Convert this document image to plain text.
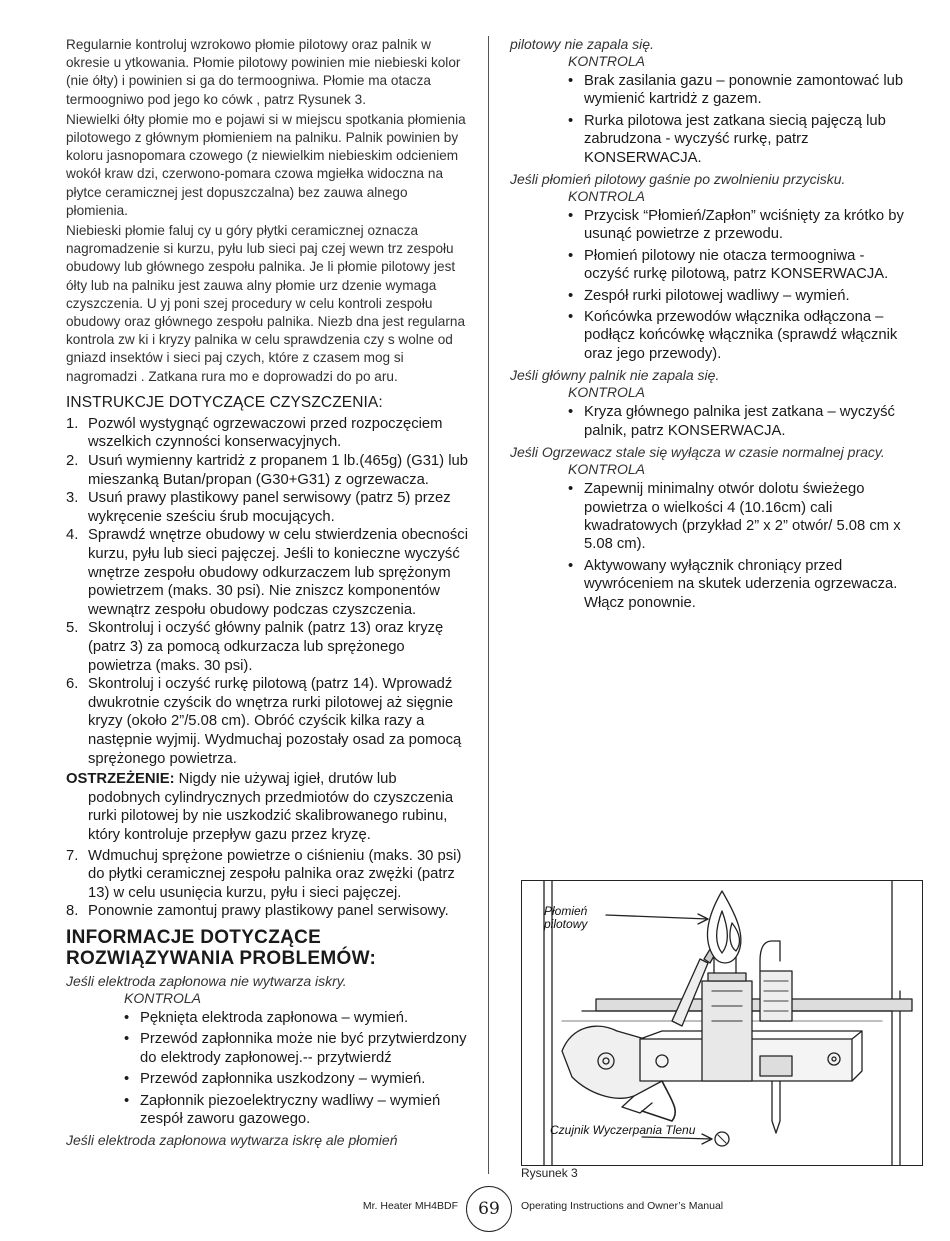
Regularnie kontroluj wzrokowo płomie pilotowy oraz palnik w okresie u ytkowania. Płomie pilotowy powinien mie niebieski kolor (nie ółty) i powinien si ga do termoogniwa. Płomie ma otacza termoogniwo pod jego ko cówk , patrz Rysunek 3.

Niewielki ółty płomie mo e pojawi si w miejscu spotkania płomienia pilotowego z głównym płomieniem na palniku. Palnik powinien by koloru jasnopomara czowego (z niewielkim niebieskim odcieniem wokół kraw dzi, czerwono-pomara czowa mgiełka widoczna na płytce ceramicznej jest dopuszczalna) bez zauwa alnego płomienia.

Niebieski płomie faluj cy u góry płytki ceramicznej oznacza nagromadzenie si kurzu, pyłu lub sieci paj czej wewn trz zespołu obudowy lub głównego zespołu palnika. Je li płomie pilotowy jest ółty lub na palniku jest zauwa alny płomie urz dzenie wymaga czyszczenia. U yj poni szej procedury w celu kontroli zespołu obudowy oraz głównego zespołu palnika. Niezb dna jest regularna kontrola zw ki i kryzy palnika w celu sprawdzenia czy s wolne od gniazd insektów i sieci paj czych, które z czasem mog si nagromadzi . Zatkana rura mo e doprowadzi do po aru.

INSTRUKCJE DOTYCZĄCE CZYSZCZENIA:
1. Pozwól wystygnąć ogrzewaczowi przed rozpoczęciem wszelkich czynności konserwacyjnych.
2. Usuń wymienny kartridż z propanem 1 lb.(465g) (G31) lub mieszanką Butan/propan (G30+G31) z ogrzewacza.
3. Usuń prawy plastikowy panel serwisowy (patrz 5) przez wykręcenie sześciu śrub mocujących.
4. Sprawdź wnętrze obudowy w celu stwierdzenia obecności kurzu, pyłu lub sieci pajęczej. Jeśli to konieczne wyczyść wnętrze zespołu obudowy odkurzaczem lub sprężonym powietrzem (maks. 30 psi). Nie zniszcz komponentów wewnątrz zespołu obudowy podczas czyszczenia.
5. Skontroluj i oczyść główny palnik (patrz 13) oraz kryzę (patrz 3) za pomocą odkurzacza lub sprężonego powietrza (maks. 30 psi).
6. Skontroluj i oczyść rurkę pilotową (patrz 14). Wprowadź dwukrotnie czyścik do wnętrza rurki pilotowej aż sięgnie kryzy (około 2”/5.08 cm). Obróć czyścik kilka razy a następnie wyjmij. Wydmuchaj pozostały osad za pomocą sprężonego powietrza.
OSTRZEŻENIE: Nigdy nie używaj igieł, drutów lub podobnych cylindrycznych przedmiotów do czyszczenia rurki pilotowej by nie uszkodzić skalibrowanego rubinu, który kontroluje przepływ gazu przez kryzę.
7. Wdmuchuj sprężone powietrze o ciśnieniu (maks. 30 psi) do płytki ceramicznej zespołu palnika oraz zwężki (patrz 13) w celu usunięcia kurzu, pyłu i sieci pajęczej.
8. Ponownie zamontuj prawy plastikowy panel serwisowy.
INFORMACJE DOTYCZĄCE
ROZWIĄZYWANIA PROBLEMÓW:
Jeśli elektroda zapłonowa nie wytwarza iskry.
KONTROLA
• Pęknięta elektroda zapłonowa – wymień.
• Przewód zapłonnika może nie być przytwierdzony do elektrody zapłonowej.-- przytwierdź
• Przewód zapłonnika uszkodzony – wymień.
• Zapłonnik piezoelektryczny wadliwy – wymień zespół zaworu gazowego.
Jeśli elektroda zapłonowa wytwarza iskrę ale płomień
pilotowy nie zapala się.
KONTROLA
• Brak zasilania gazu – ponownie zamontować lub wymienić kartridż z gazem.
• Rurka pilotowa jest zatkana siecią pajęczą lub zabrudzona - wyczyść rurkę, patrz KONSERWACJA.
Jeśli płomień pilotowy gaśnie po zwolnieniu przycisku.
KONTROLA
• Przycisk “Płomień/Zapłon” wciśnięty za krótko by usunąć powietrze z przewodu.
• Płomień pilotowy nie otacza termoogniwa - oczyść rurkę pilotową, patrz KONSERWACJA.
• Zespół rurki pilotowej wadliwy – wymień.
• Końcówka przewodów włącznika odłączona – podłącz końcówkę włącznika (sprawdź włącznik oraz jego przewody).
Jeśli główny palnik nie zapala się.
KONTROLA
• Kryza głównego palnika jest zatkana – wyczyść palnik, patrz KONSERWACJA.
Jeśli Ogrzewacz stale się wyłącza w czasie normalnej pracy.
KONTROLA
• Zapewnij minimalny otwór dolotu świeżego powietrza o wielkości 4 (10.16cm) cali kwadratowych (przykład 2” x 2” otwór/ 5.08 cm x 5.08 cm).
• Aktywowany wyłącznik chroniący przed wywróceniem na skutek uderzenia ogrzewacza. Włącz ponownie.
Płomień
pilotowy
Czujnik Wyczerpania Tlenu
Rysunek 3
Mr. Heater MH4BDF	69	Operating Instructions and Owner’s Manual
